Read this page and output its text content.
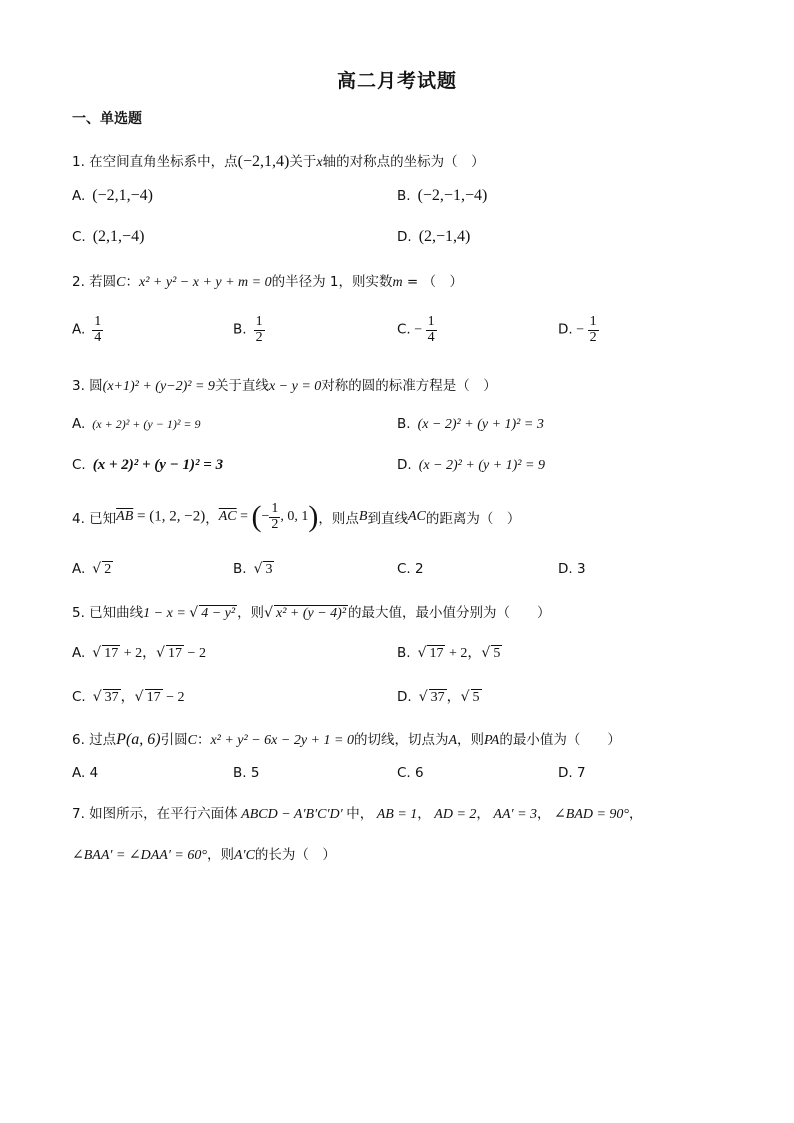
高二月考试题
一、单选题
1. 在空间直角坐标系中，点(−2,1,4)关于x轴的对称点的坐标为（　）
A. (−2,1,−4)	B. (−2,−1,−4)
C. (2,1,−4)	D. (2,−1,4)
2. 若圆C：x² + y² − x + y + m = 0的半径为 1，则实数m = （　）
A. $\frac{1}{4}$	B. $\frac{1}{2}$	C. − $\frac{1}{4}$	D. − $\frac{1}{2}$
3. 圆(x+1)² + (y−2)² = 9关于直线x − y = 0对称的圆的标准方程是（　）
A. (x + 2)² + (y − 1)² = 9	B. (x − 2)² + (y + 1)² = 3
C. (x + 2)² + (y − 1)² = 3	D. (x − 2)² + (y + 1)² = 9
4. 已知$\overline{AB} = (1$, 2, −2)，$\overline{AC}$ = (− $\frac{1}{2}$ , 0, 1)，则点B到直线AC的距离为（　）
A. √ 2	B. √ 3	C. 2	D. 3
5. 已知曲线1 − x = √ 4 − y² ，则√ x² + (y − 4)² 的最大值，最小值分别为（　　）
A. √ 17 + 2，√ 17 − 2	B. √ 17 + 2，√ 5
C. √ 37 ，√ 17 − 2	D. √ 37 ，√ 5
6. 过点P(a, 6)引圆C：x² + y² − 6x − 2y + 1 = 0的切线，切点为A，则PA的最小值为（　　）
A. 4	B. 5	C. 6	D. 7
7. 如图所示，在平行六面体 ABCD − A′B′C′D′ 中， AB = 1， AD = 2， AA′ = 3， ∠BAD = 90°，
∠BAA′ = ∠DAA′ = 60°，则A′C的长为（　）
